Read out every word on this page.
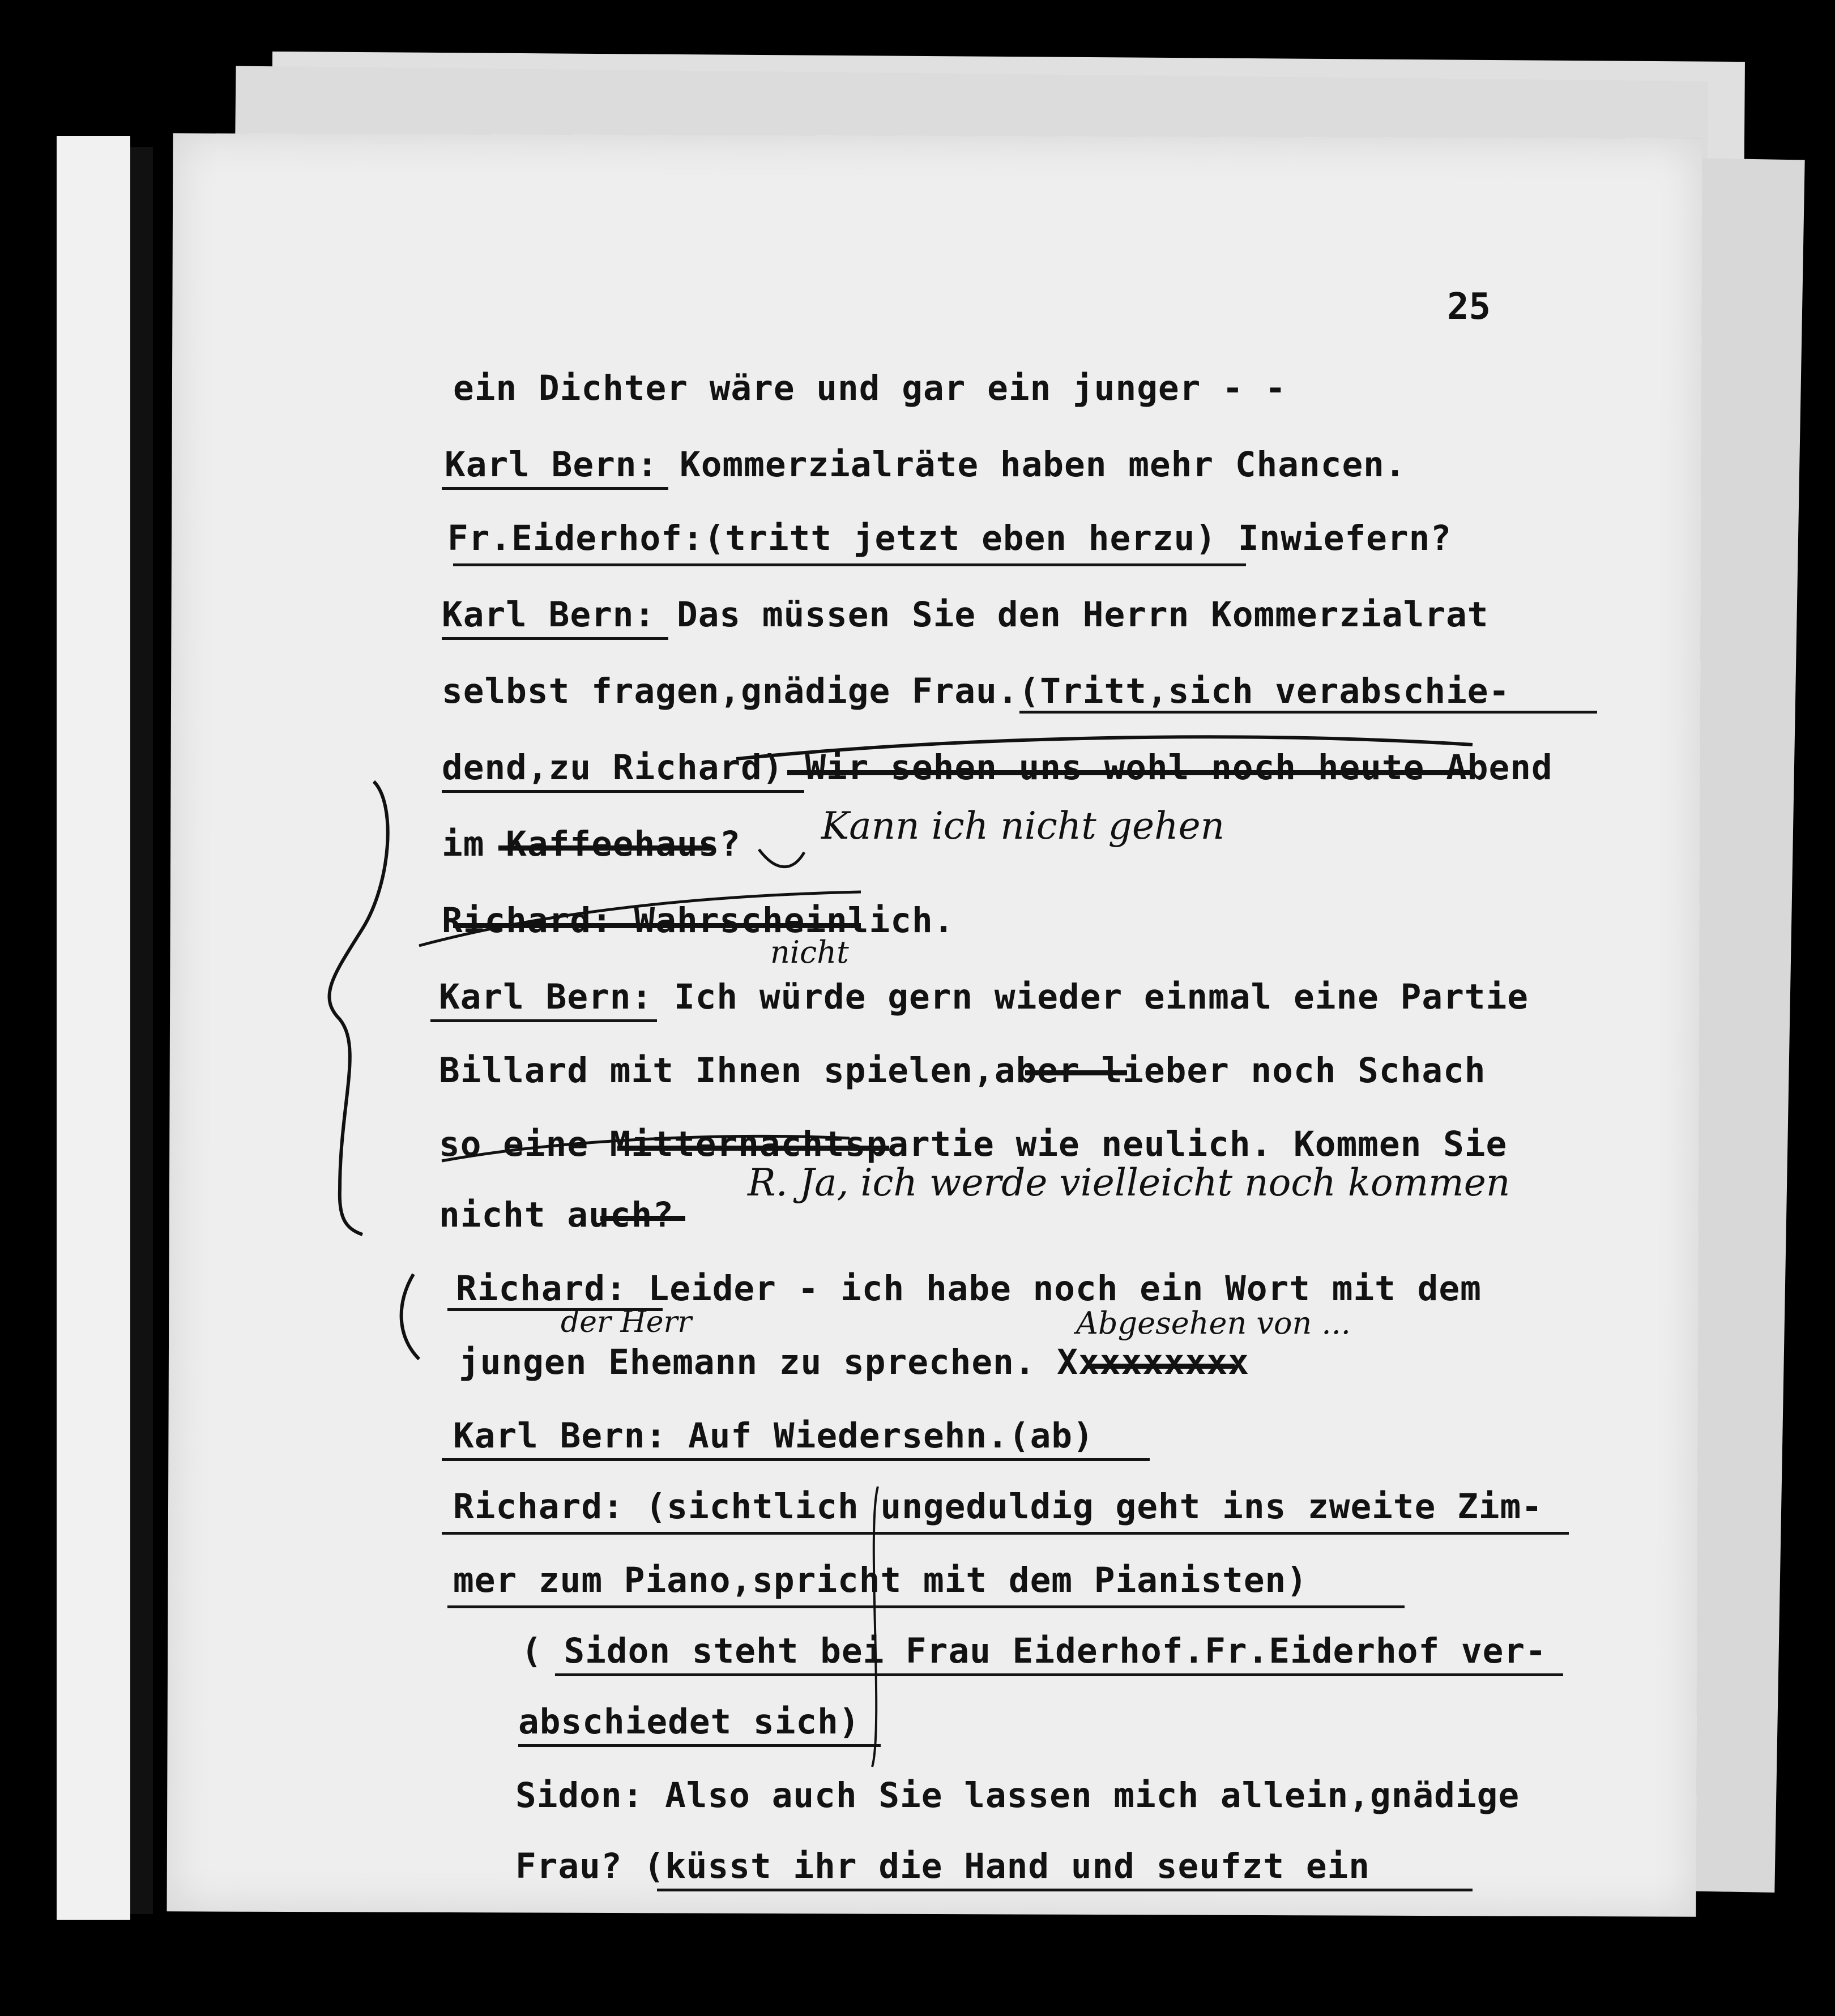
25
ein Dichter wäre und gar ein junger - -
Karl Bern: Kommerzialräte haben mehr Chancen.
Fr.Eiderhof:(tritt jetzt eben herzu) Inwiefern?
Karl Bern: Das müssen Sie den Herrn Kommerzialrat
selbst fragen,gnädige Frau.(Tritt,sich verabschie-
dend,zu Richard) Wir sehen uns wohl noch heute Abend
im Kaffeehaus?
Richard: Wahrscheinlich.
Karl Bern: Ich würde gern wieder einmal eine Partie
Billard mit Ihnen spielen,aber lieber noch Schach
so eine Mitternachtspartie wie neulich. Kommen Sie
nicht auch?
Richard: Leider - ich habe noch ein Wort mit dem
jungen Ehemann zu sprechen. Xxxxxxxxx
Karl Bern: Auf Wiedersehn.(ab)
Richard: (sichtlich ungeduldig geht ins zweite Zim-
mer zum Piano,spricht mit dem Pianisten)
( Sidon steht bei Frau Eiderhof.Fr.Eiderhof ver-
abschiedet sich)
Sidon: Also auch Sie lassen mich allein,gnädige
Frau? (küsst ihr die Hand und seufzt ein
Kann ich nicht gehen
nicht
R. Ja, ich werde vielleicht noch kommen
der Herr	Abgesehen von ...
